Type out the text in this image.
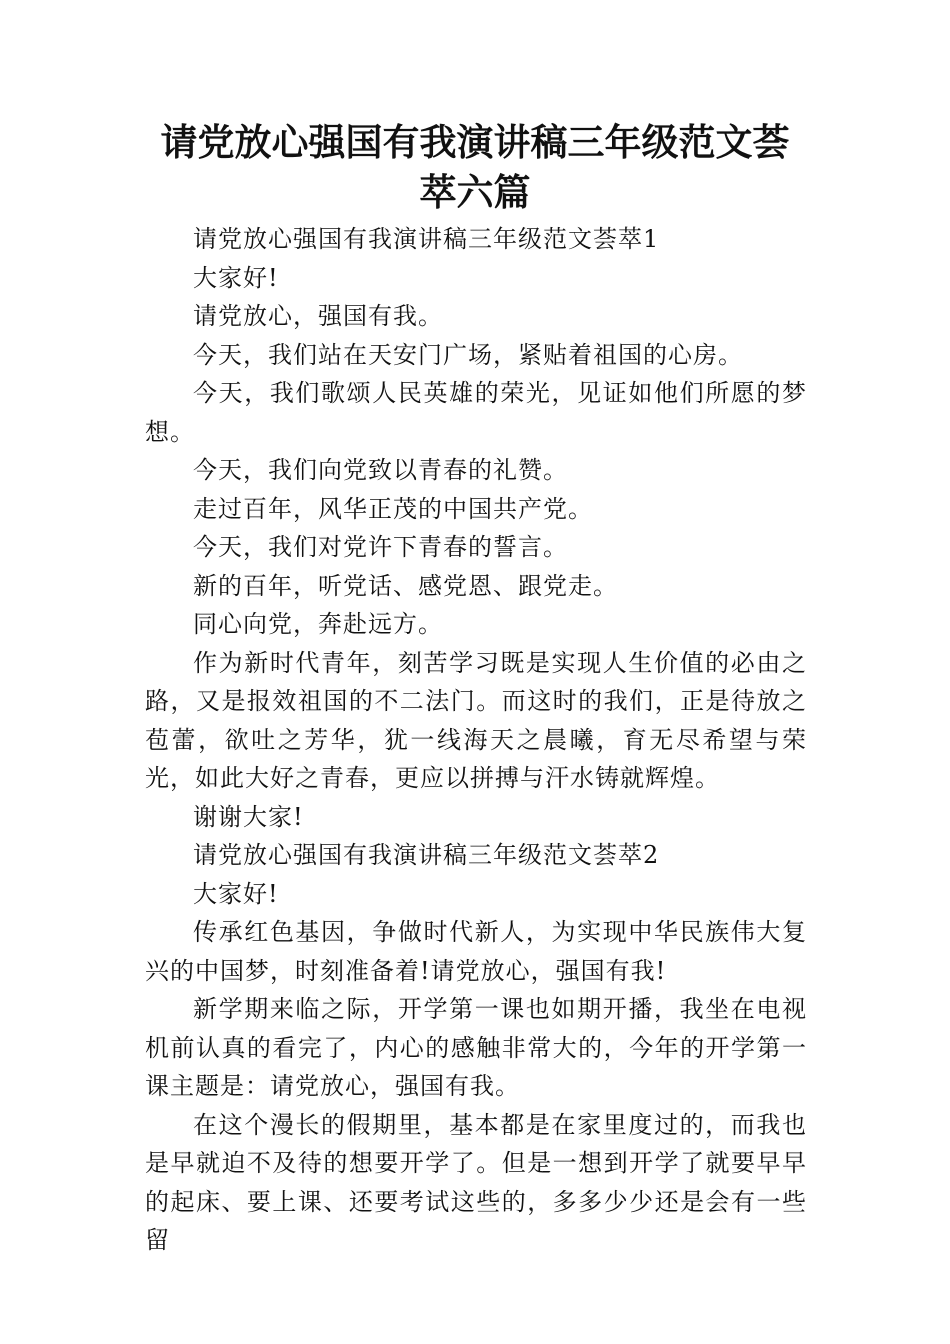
请党放心强国有我演讲稿三年级范文荟萃六篇

请党放心强国有我演讲稿三年级范文荟萃1

大家好!

请党放心，强国有我。

今天，我们站在天安门广场，紧贴着祖国的心房。

今天，我们歌颂人民英雄的荣光，见证如他们所愿的梦想。

今天，我们向党致以青春的礼赞。

走过百年，风华正茂的中国共产党。

今天，我们对党许下青春的誓言。

新的百年，听党话、感党恩、跟党走。

同心向党，奔赴远方。

作为新时代青年，刻苦学习既是实现人生价值的必由之路，又是报效祖国的不二法门。而这时的我们，正是待放之苞蕾，欲吐之芳华，犹一线海天之晨曦，育无尽希望与荣光，如此大好之青春，更应以拼搏与汗水铸就辉煌。

谢谢大家!

请党放心强国有我演讲稿三年级范文荟萃2

大家好!

传承红色基因，争做时代新人，为实现中华民族伟大复兴的中国梦，时刻准备着!请党放心，强国有我!

新学期来临之际，开学第一课也如期开播，我坐在电视机前认真的看完了，内心的感触非常大的，今年的开学第一课主题是：请党放心，强国有我。

在这个漫长的假期里，基本都是在家里度过的，而我也是早就迫不及待的想要开学了。但是一想到开学了就要早早的起床、要上课、还要考试这些的，多多少少还是会有一些留
